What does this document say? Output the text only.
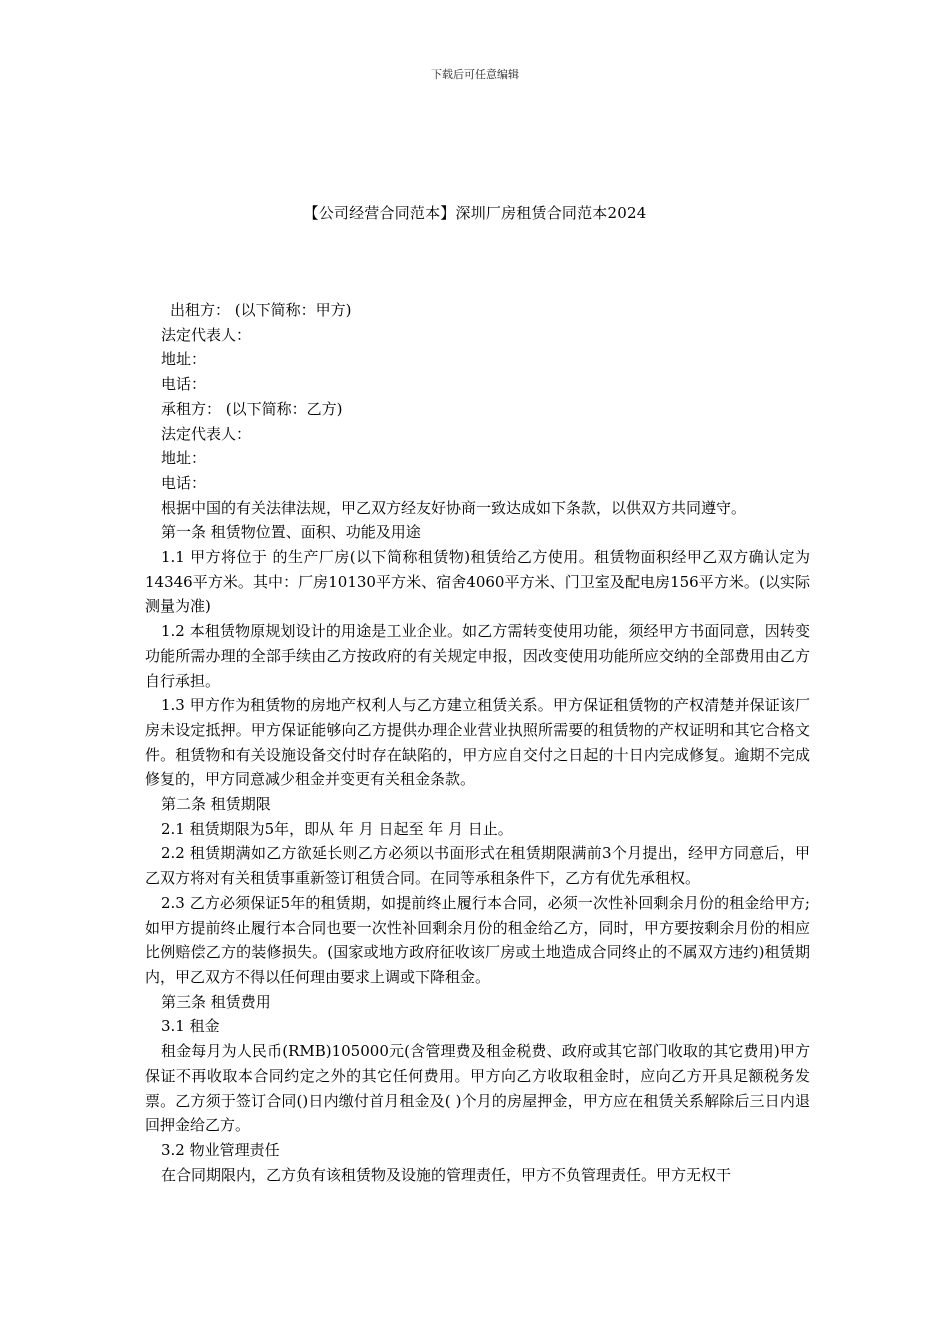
下载后可任意编辑
【公司经营合同范本】深圳厂房租赁合同范本2024

出租方： (以下简称：甲方)

法定代表人：

地址：

电话：

承租方： (以下简称：乙方)

法定代表人：

地址：

电话：

根据中国的有关法律法规，甲乙双方经友好协商一致达成如下条款，以供双方共同遵守。

第一条 租赁物位置、面积、功能及用途

1.1 甲方将位于 的生产厂房(以下简称租赁物)租赁给乙方使用。租赁物面积经甲乙双方确认定为14346平方米。其中：厂房10130平方米、宿舍4060平方米、门卫室及配电房156平方米。(以实际测量为准)

1.2 本租赁物原规划设计的用途是工业企业。如乙方需转变使用功能，须经甲方书面同意，因转变功能所需办理的全部手续由乙方按政府的有关规定申报，因改变使用功能所应交纳的全部费用由乙方自行承担。

1.3 甲方作为租赁物的房地产权利人与乙方建立租赁关系。甲方保证租赁物的产权清楚并保证该厂房未设定抵押。甲方保证能够向乙方提供办理企业营业执照所需要的租赁物的产权证明和其它合格文件。租赁物和有关设施设备交付时存在缺陷的，甲方应自交付之日起的十日内完成修复。逾期不完成修复的，甲方同意减少租金并变更有关租金条款。

第二条 租赁期限

2.1 租赁期限为5年，即从 年 月 日起至 年 月 日止。

2.2 租赁期满如乙方欲延长则乙方必须以书面形式在租赁期限满前3个月提出，经甲方同意后，甲乙双方将对有关租赁事重新签订租赁合同。在同等承租条件下，乙方有优先承租权。

2.3 乙方必须保证5年的租赁期，如提前终止履行本合同，必须一次性补回剩余月份的租金给甲方;如甲方提前终止履行本合同也要一次性补回剩余月份的租金给乙方，同时，甲方要按剩余月份的相应比例赔偿乙方的装修损失。(国家或地方政府征收该厂房或土地造成合同终止的不属双方违约)租赁期内，甲乙双方不得以任何理由要求上调或下降租金。

第三条 租赁费用

3.1 租金

租金每月为人民币(RMB)105000元(含管理费及租金税费、政府或其它部门收取的其它费用)甲方保证不再收取本合同约定之外的其它任何费用。甲方向乙方收取租金时，应向乙方开具足额税务发票。乙方须于签订合同()日内缴付首月租金及( )个月的房屋押金，甲方应在租赁关系解除后三日内退回押金给乙方。

3.2 物业管理责任

在合同期限内，乙方负有该租赁物及设施的管理责任，甲方不负管理责任。甲方无权干
